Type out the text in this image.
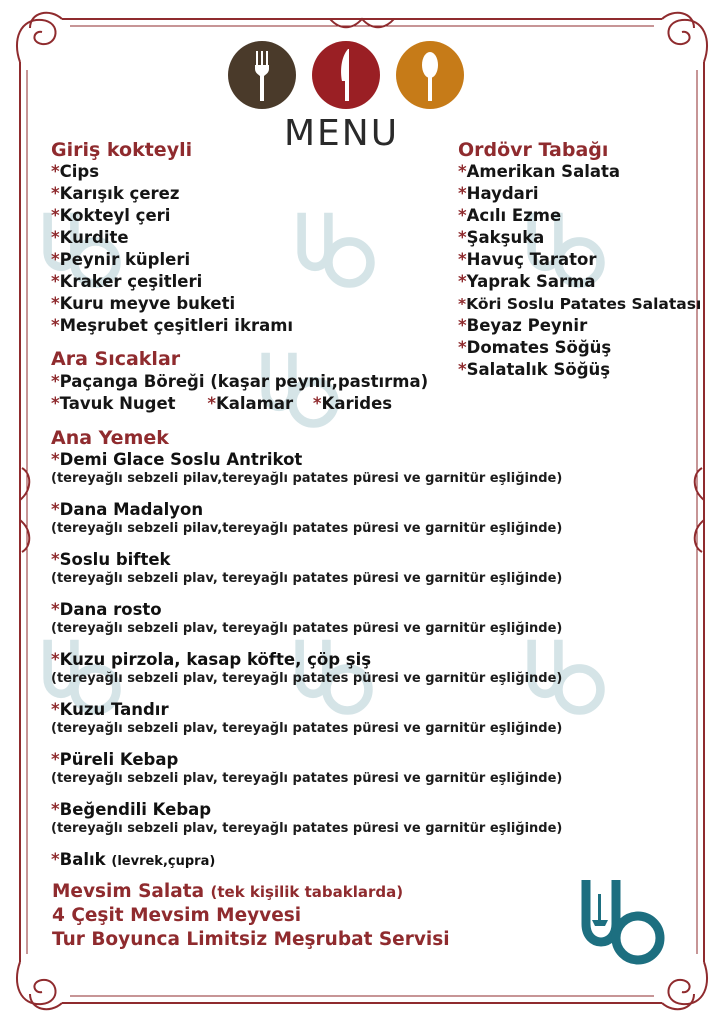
MENU
Giriş kokteyli
*Cips
*Karışık çerez
*Kokteyl çeri
*Kurdite
*Peynir küpleri
*Kraker çeşitleri
*Kuru meyve buketi
*Meşrubet çeşitleri ikramı
Ordövr Tabağı
*Amerikan Salata
*Haydari
*Acılı Ezme
*Şakşuka
*Havuç Tarator
*Yaprak Sarma
*Köri Soslu Patates Salatası
*Beyaz Peynir
*Domates Söğüş
*Salatalık Söğüş
Ara Sıcaklar
*Paçanga Böreği (kaşar peynir,pastırma)
*Tavuk Nuget *Kalamar *Karides
Ana Yemek
*Demi Glace Soslu Antrikot
(tereyağlı sebzeli pilav,tereyağlı patates püresi ve garnitür eşliğinde)
*Dana Madalyon
(tereyağlı sebzeli pilav,tereyağlı patates püresi ve garnitür eşliğinde)
*Soslu biftek
(tereyağlı sebzeli plav, tereyağlı patates püresi ve garnitür eşliğinde)
*Dana rosto
(tereyağlı sebzeli plav, tereyağlı patates püresi ve garnitür eşliğinde)
*Kuzu pirzola, kasap köfte, çöp şiş
(tereyağlı sebzeli plav, tereyağlı patates püresi ve garnitür eşliğinde)
*Kuzu Tandır
(tereyağlı sebzeli plav, tereyağlı patates püresi ve garnitür eşliğinde)
*Püreli Kebap
(tereyağlı sebzeli plav, tereyağlı patates püresi ve garnitür eşliğinde)
*Beğendili Kebap
(tereyağlı sebzeli plav, tereyağlı patates püresi ve garnitür eşliğinde)
*Balık (levrek,çupra)
Mevsim Salata (tek kişilik tabaklarda)
4 Çeşit Mevsim Meyvesi
Tur Boyunca Limitsiz Meşrubat Servisi
